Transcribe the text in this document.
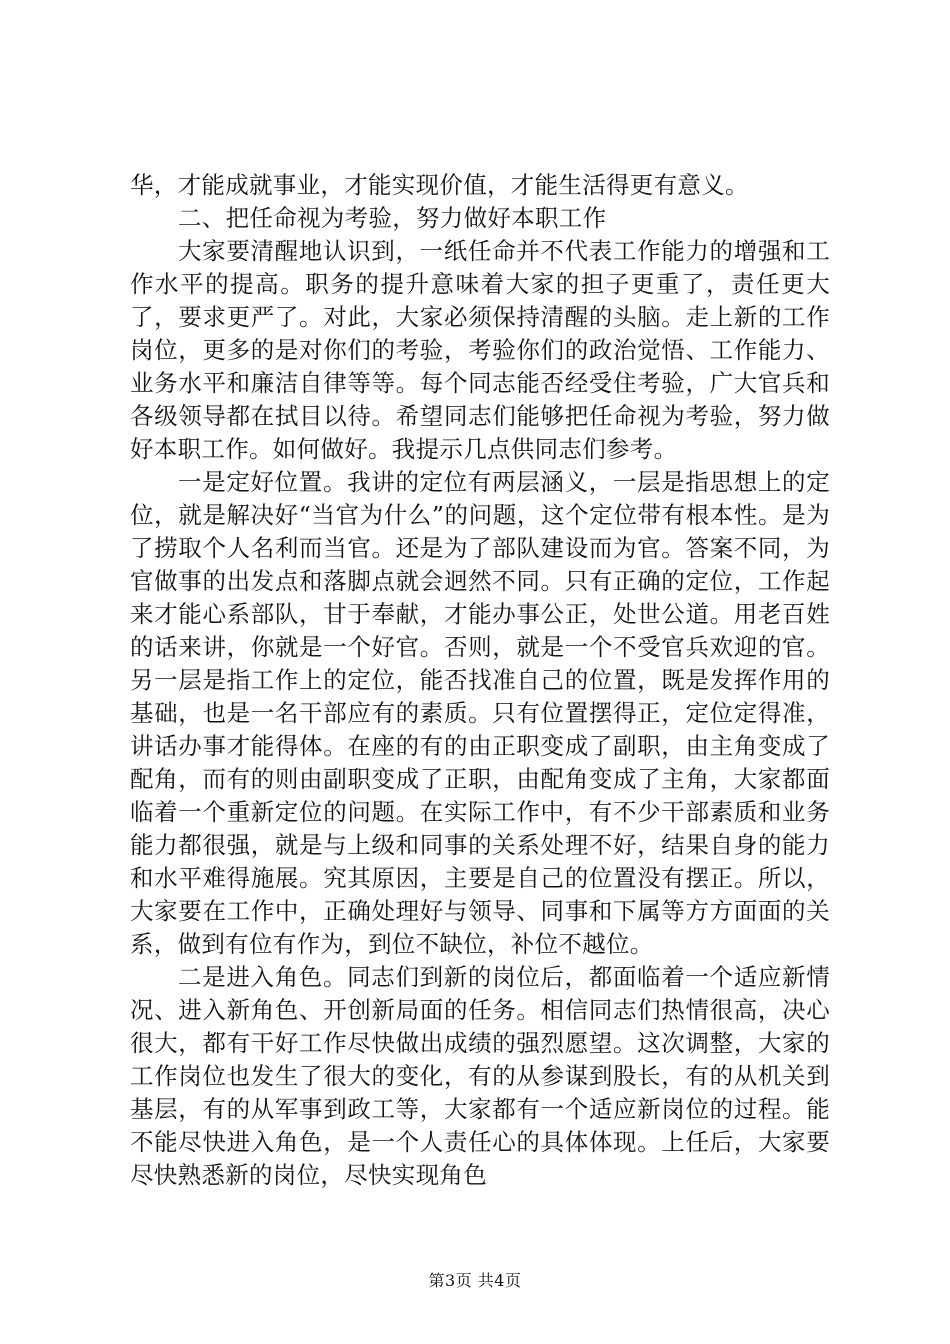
华，才能成就事业，才能实现价值，才能生活得更有意义。

二、把任命视为考验，努力做好本职工作

大家要清醒地认识到，一纸任命并不代表工作能力的增强和工作水平的提高。职务的提升意味着大家的担子更重了，责任更大了，要求更严了。对此，大家必须保持清醒的头脑。走上新的工作岗位，更多的是对你们的考验，考验你们的政治觉悟、工作能力、业务水平和廉洁自律等等。每个同志能否经受住考验，广大官兵和各级领导都在拭目以待。希望同志们能够把任命视为考验，努力做好本职工作。如何做好。我提示几点供同志们参考。

一是定好位置。我讲的定位有两层涵义，一层是指思想上的定位，就是解决好“当官为什么”的问题，这个定位带有根本性。是为了捞取个人名利而当官。还是为了部队建设而为官。答案不同，为官做事的出发点和落脚点就会迥然不同。只有正确的定位，工作起来才能心系部队，甘于奉献，才能办事公正，处世公道。用老百姓的话来讲，你就是一个好官。否则，就是一个不受官兵欢迎的官。另一层是指工作上的定位，能否找准自己的位置，既是发挥作用的基础，也是一名干部应有的素质。只有位置摆得正，定位定得准，讲话办事才能得体。在座的有的由正职变成了副职，由主角变成了配角，而有的则由副职变成了正职，由配角变成了主角，大家都面临着一个重新定位的问题。在实际工作中，有不少干部素质和业务能力都很强，就是与上级和同事的关系处理不好，结果自身的能力和水平难得施展。究其原因，主要是自己的位置没有摆正。所以，大家要在工作中，正确处理好与领导、同事和下属等方方面面的关系，做到有位有作为，到位不缺位，补位不越位。

二是进入角色。同志们到新的岗位后，都面临着一个适应新情况、进入新角色、开创新局面的任务。相信同志们热情很高，决心很大，都有干好工作尽快做出成绩的强烈愿望。这次调整，大家的工作岗位也发生了很大的变化，有的从参谋到股长，有的从机关到基层，有的从军事到政工等，大家都有一个适应新岗位的过程。能不能尽快进入角色，是一个人责任心的具体体现。上任后，大家要尽快熟悉新的岗位，尽快实现角色

第3页 共4页
